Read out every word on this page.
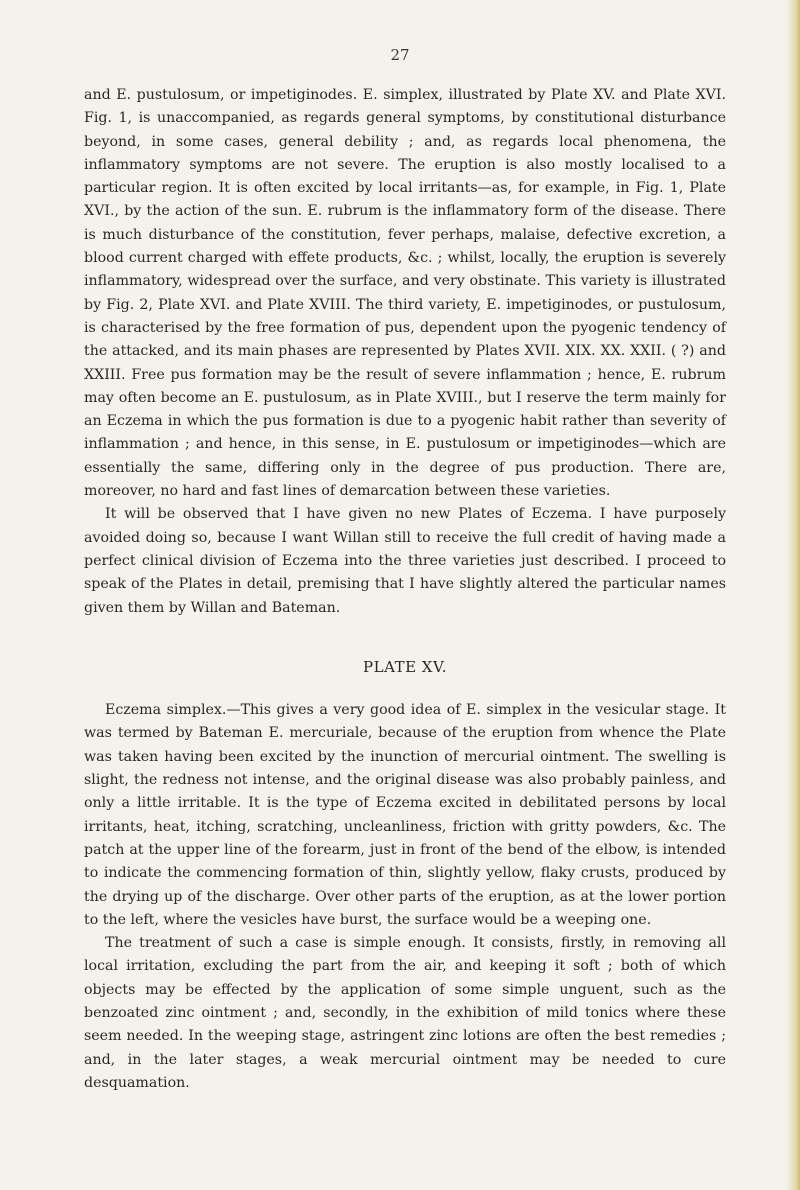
27

and E. pustulosum, or impetiginodes. E. simplex, illustrated by Plate XV. and Plate XVI. Fig. 1, is unaccompanied, as regards general symptoms, by constitutional disturbance beyond, in some cases, general debility ; and, as regards local phenomena, the inflammatory symptoms are not severe. The eruption is also mostly localised to a particular region. It is often excited by local irritants—as, for example, in Fig. 1, Plate XVI., by the action of the sun. E. rubrum is the inflammatory form of the disease. There is much disturbance of the constitution, fever perhaps, malaise, defective excretion, a blood current charged with effete products, &c. ; whilst, locally, the eruption is severely inflammatory, widespread over the surface, and very obstinate. This variety is illustrated by Fig. 2, Plate XVI. and Plate XVIII. The third variety, E. impetiginodes, or pustulosum, is characterised by the free formation of pus, dependent upon the pyogenic tendency of the attacked, and its main phases are represented by Plates XVII. XIX. XX. XXII. ( ?) and XXIII. Free pus formation may be the result of severe inflammation ; hence, E. rubrum may often become an E. pustulosum, as in Plate XVIII., but I reserve the term mainly for an Eczema in which the pus formation is due to a pyogenic habit rather than severity of inflammation ; and hence, in this sense, in E. pustulosum or impetiginodes—which are essentially the same, differing only in the degree of pus production. There are, moreover, no hard and fast lines of demarcation between these varieties.

It will be observed that I have given no new Plates of Eczema. I have purposely avoided doing so, because I want Willan still to receive the full credit of having made a perfect clinical division of Eczema into the three varieties just described. I proceed to speak of the Plates in detail, premising that I have slightly altered the particular names given them by Willan and Bateman.

PLATE XV.

Eczema simplex.—This gives a very good idea of E. simplex in the vesicular stage. It was termed by Bateman E. mercuriale, because of the eruption from whence the Plate was taken having been excited by the inunction of mercurial ointment. The swelling is slight, the redness not intense, and the original disease was also probably painless, and only a little irritable. It is the type of Eczema excited in debilitated persons by local irritants, heat, itching, scratching, uncleanliness, friction with gritty powders, &c. The patch at the upper line of the forearm, just in front of the bend of the elbow, is intended to indicate the commencing formation of thin, slightly yellow, flaky crusts, produced by the drying up of the discharge. Over other parts of the eruption, as at the lower portion to the left, where the vesicles have burst, the surface would be a weeping one.

The treatment of such a case is simple enough. It consists, firstly, in removing all local irritation, excluding the part from the air, and keeping it soft ; both of which objects may be effected by the application of some simple unguent, such as the benzoated zinc ointment ; and, secondly, in the exhibition of mild tonics where these seem needed. In the weeping stage, astringent zinc lotions are often the best remedies ; and, in the later stages, a weak mercurial ointment may be needed to cure desquamation.
